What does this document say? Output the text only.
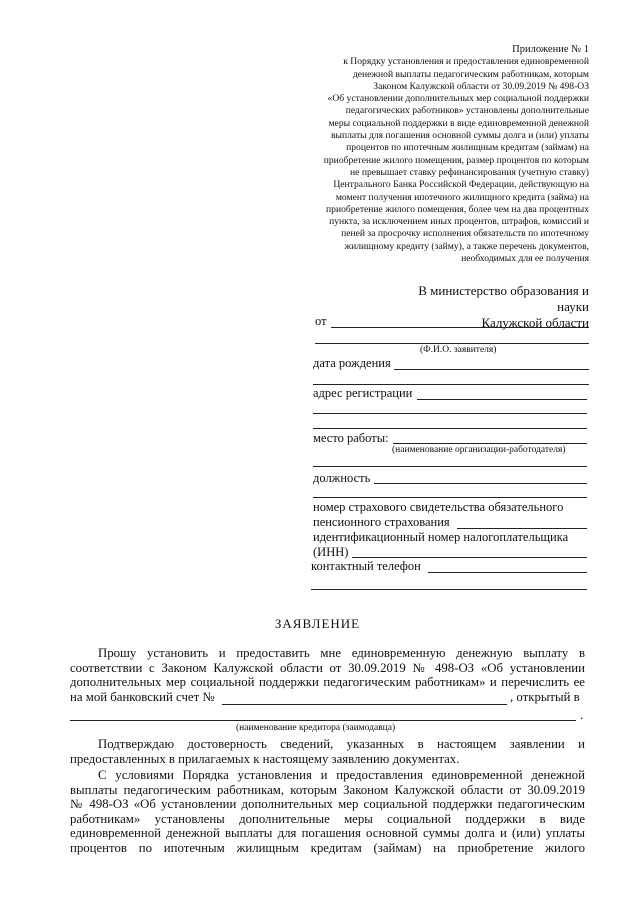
Приложение № 1
к Порядку установления и предоставления единовременной
денежной выплаты педагогическим работникам, которым
Законом Калужской области от 30.09.2019 № 498-ОЗ
«Об установлении дополнительных мер социальной поддержки
педагогических работников» установлены дополнительные
меры социальной поддержки в виде единовременной денежной
выплаты для погашения основной суммы долга и (или) уплаты
процентов по ипотечным жилищным кредитам (займам) на
приобретение жилого помещения, размер процентов по которым
не превышает ставку рефинансирования (учетную ставку)
Центрального Банка Российской Федерации, действующую на
момент получения ипотечного жилищного кредита (займа) на
приобретение жилого помещения, более чем на два процентных
пункта, за исключением иных процентов, штрафов, комиссий и
пеней за просрочку исполнения обязательств по ипотечному
жилищному кредиту (займу), а также перечень документов,
необходимых для ее получения
В министерство образования и науки
Калужской области
от
(Ф.И.О. заявителя)
дата рождения
адрес регистрации
место работы:
(наименование организации-работодателя)
должность
номер страхового свидетельства обязательного
пенсионного страхования
идентификационный номер налогоплательщика
(ИНН)
контактный телефон
ЗАЯВЛЕНИЕ
Прошу установить и предоставить мне единовременную денежную выплату в
соответствии с Законом Калужской области от 30.09.2019 № 498-ОЗ «Об установлении
дополнительных мер социальной поддержки педагогическим работникам» и перечислить ее
на мой банковский счет №	, открытый в
.
(наименование кредитора (заимодавца)
Подтверждаю достоверность сведений, указанных в настоящем заявлении и
предоставленных в прилагаемых к настоящему заявлению документах.
С условиями Порядка установления и предоставления единовременной денежной
выплаты педагогическим работникам, которым Законом Калужской области от 30.09.2019
№ 498-ОЗ «Об установлении дополнительных мер социальной поддержки педагогическим
работникам» установлены дополнительные меры социальной поддержки в виде
единовременной денежной выплаты для погашения основной суммы долга и (или) уплаты
процентов по ипотечным жилищным кредитам (займам) на приобретение жилого
